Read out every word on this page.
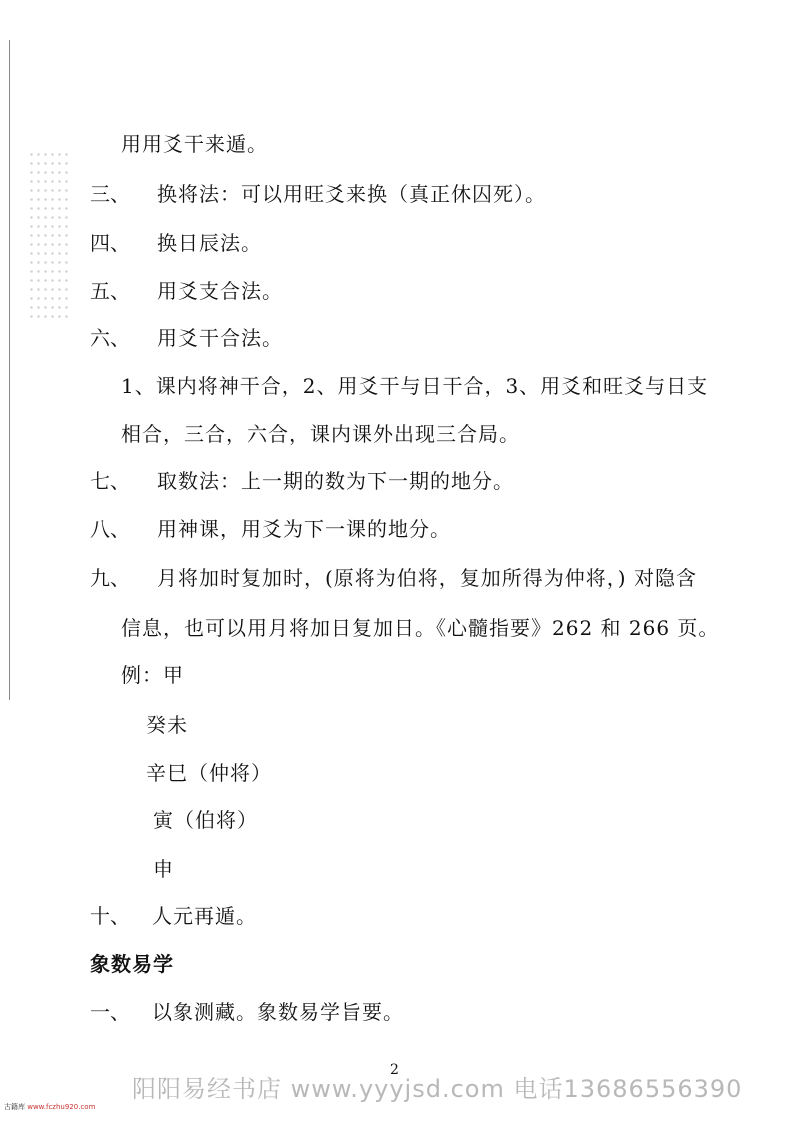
用用爻干来遁。
三、 换将法：可以用旺爻来换（真正休囚死）。
四、 换日辰法。
五、 用爻支合法。
六、 用爻干合法。
1、课内将神干合，2、用爻干与日干合，3、用爻和旺爻与日支
相合，三合，六合，课内课外出现三合局。
七、 取数法：上一期的数为下一期的地分。
八、 用神课，用爻为下一课的地分。
九、 月将加时复加时，(原将为伯将，复加所得为仲将，) 对隐含
信息，也可以用月将加日复加日。《心髓指要》262 和 266 页。
例：甲
癸未
辛巳（仲将）
寅（伯将）
申
十、 人元再遁。
象数易学
一、 以象测藏。象数易学旨要。
2
阳阳易经书店 www.yyyjsd.com 电话13686556390
古籍库 www.fczhu920.com
